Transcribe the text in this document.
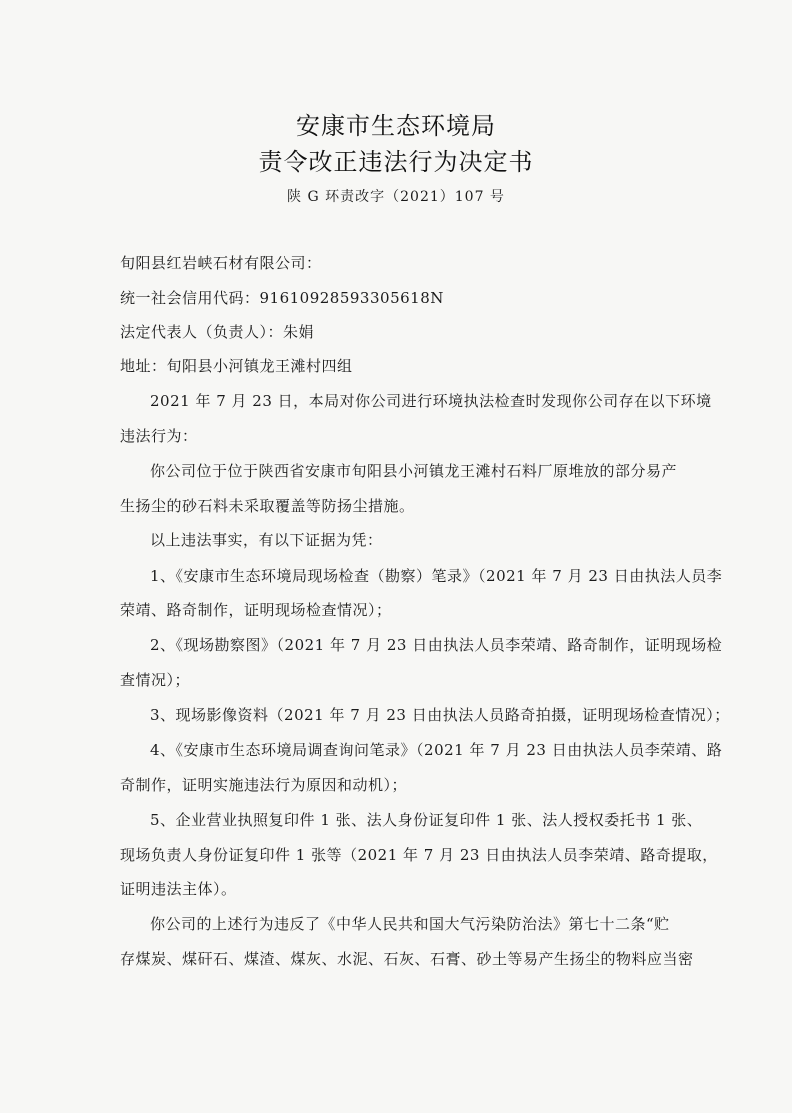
安康市生态环境局
责令改正违法行为决定书
陕 G 环责改字（2021）107 号
旬阳县红岩峡石材有限公司：
统一社会信用代码：91610928593305618N
法定代表人（负责人）：朱娟
地址：旬阳县小河镇龙王滩村四组
2021 年 7 月 23 日，本局对你公司进行环境执法检查时发现你公司存在以下环境
违法行为：
你公司位于位于陕西省安康市旬阳县小河镇龙王滩村石料厂原堆放的部分易产
生扬尘的砂石料未采取覆盖等防扬尘措施。
以上违法事实，有以下证据为凭：
1、《安康市生态环境局现场检查（勘察）笔录》（2021 年 7 月 23 日由执法人员李
荣靖、路奇制作，证明现场检查情况）；
2、《现场勘察图》（2021 年 7 月 23 日由执法人员李荣靖、路奇制作，证明现场检
查情况）；
3、现场影像资料（2021 年 7 月 23 日由执法人员路奇拍摄，证明现场检查情况）；
4、《安康市生态环境局调查询问笔录》（2021 年 7 月 23 日由执法人员李荣靖、路
奇制作，证明实施违法行为原因和动机）；
5、企业营业执照复印件 1 张、法人身份证复印件 1 张、法人授权委托书 1 张、
现场负责人身份证复印件 1 张等（2021 年 7 月 23 日由执法人员李荣靖、路奇提取，
证明违法主体）。
你公司的上述行为违反了《中华人民共和国大气污染防治法》第七十二条“贮
存煤炭、煤矸石、煤渣、煤灰、水泥、石灰、石膏、砂土等易产生扬尘的物料应当密
